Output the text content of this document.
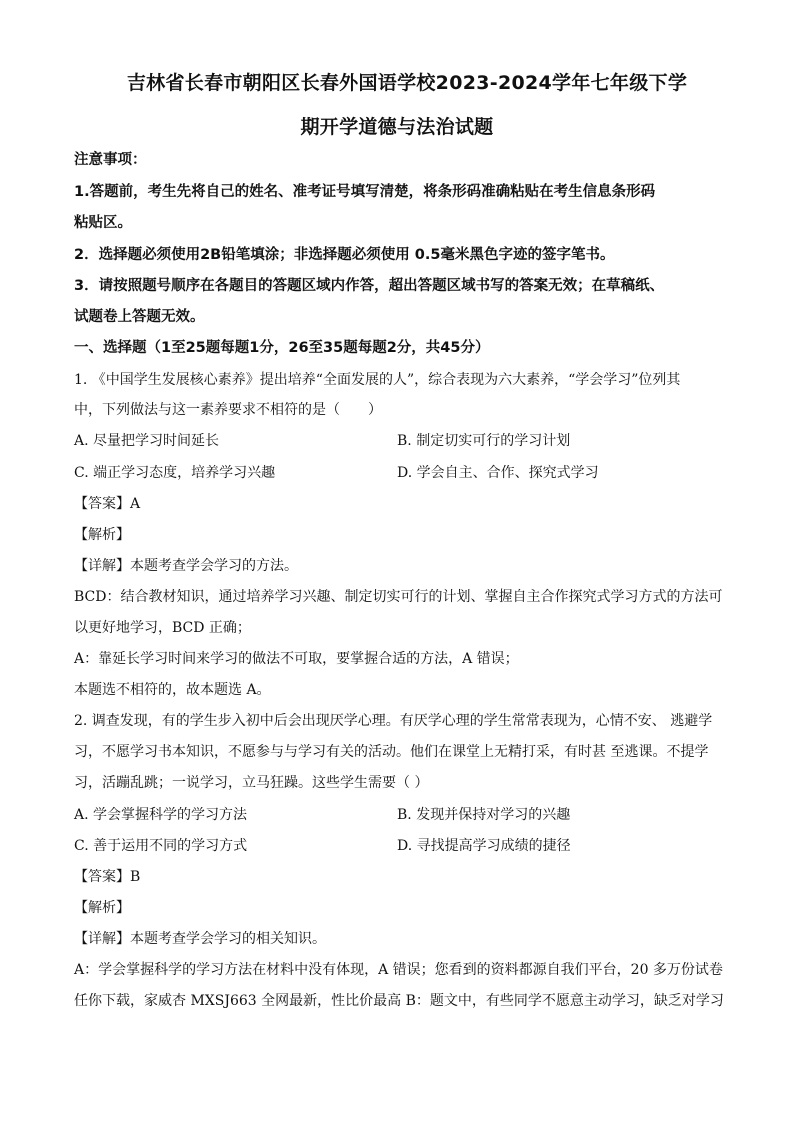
吉林省长春市朝阳区长春外国语学校2023-2024学年七年级下学
期开学道德与法治试题
注意事项：
1.答题前，考生先将自己的姓名、准考证号填写清楚，将条形码准确粘贴在考生信息条形码
粘贴区。
2．选择题必须使用2B铅笔填涂；非选择题必须使用 0.5毫米黑色字迹的签字笔书。
3．请按照题号顺序在各题目的答题区域内作答，超出答题区域书写的答案无效；在草稿纸、
试题卷上答题无效。
一、选择题（1至25题每题1分，26至35题每题2分，共45分）
1. 《中国学生发展核心素养》提出培养“全面发展的人”，综合表现为六大素养，“学会学习”位列其
中，下列做法与这一素养要求不相符的是（　　）
A. 尽量把学习时间延长	B. 制定切实可行的学习计划
C. 端正学习态度，培养学习兴趣	D. 学会自主、合作、探究式学习
【答案】A
【解析】
【详解】本题考查学会学习的方法。
BCD：结合教材知识，通过培养学习兴趣、制定切实可行的计划、掌握自主合作探究式学习方式的方法可
以更好地学习，BCD 正确；
A：靠延长学习时间来学习的做法不可取，要掌握合适的方法，A 错误；
本题选不相符的，故本题选 A。
2. 调查发现，有的学生步入初中后会出现厌学心理。有厌学心理的学生常常表现为，心情不安、 逃避学
习，不愿学习书本知识，不愿参与与学习有关的活动。他们在课堂上无精打采，有时甚 至逃课。不提学
习，活蹦乱跳；一说学习，立马狂躁。这些学生需要（ ）
A. 学会掌握科学的学习方法	B. 发现并保持对学习的兴趣
C. 善于运用不同的学习方式	D. 寻找提高学习成绩的捷径
【答案】B
【解析】
【详解】本题考查学会学习的相关知识。
A：学会掌握科学的学习方法在材料中没有体现，A 错误；您看到的资料都源自我们平台，20 多万份试卷
任你下载，家威杏 MXSJ663 全网最新，性比价最高 B：题文中，有些同学不愿意主动学习，缺乏对学习
